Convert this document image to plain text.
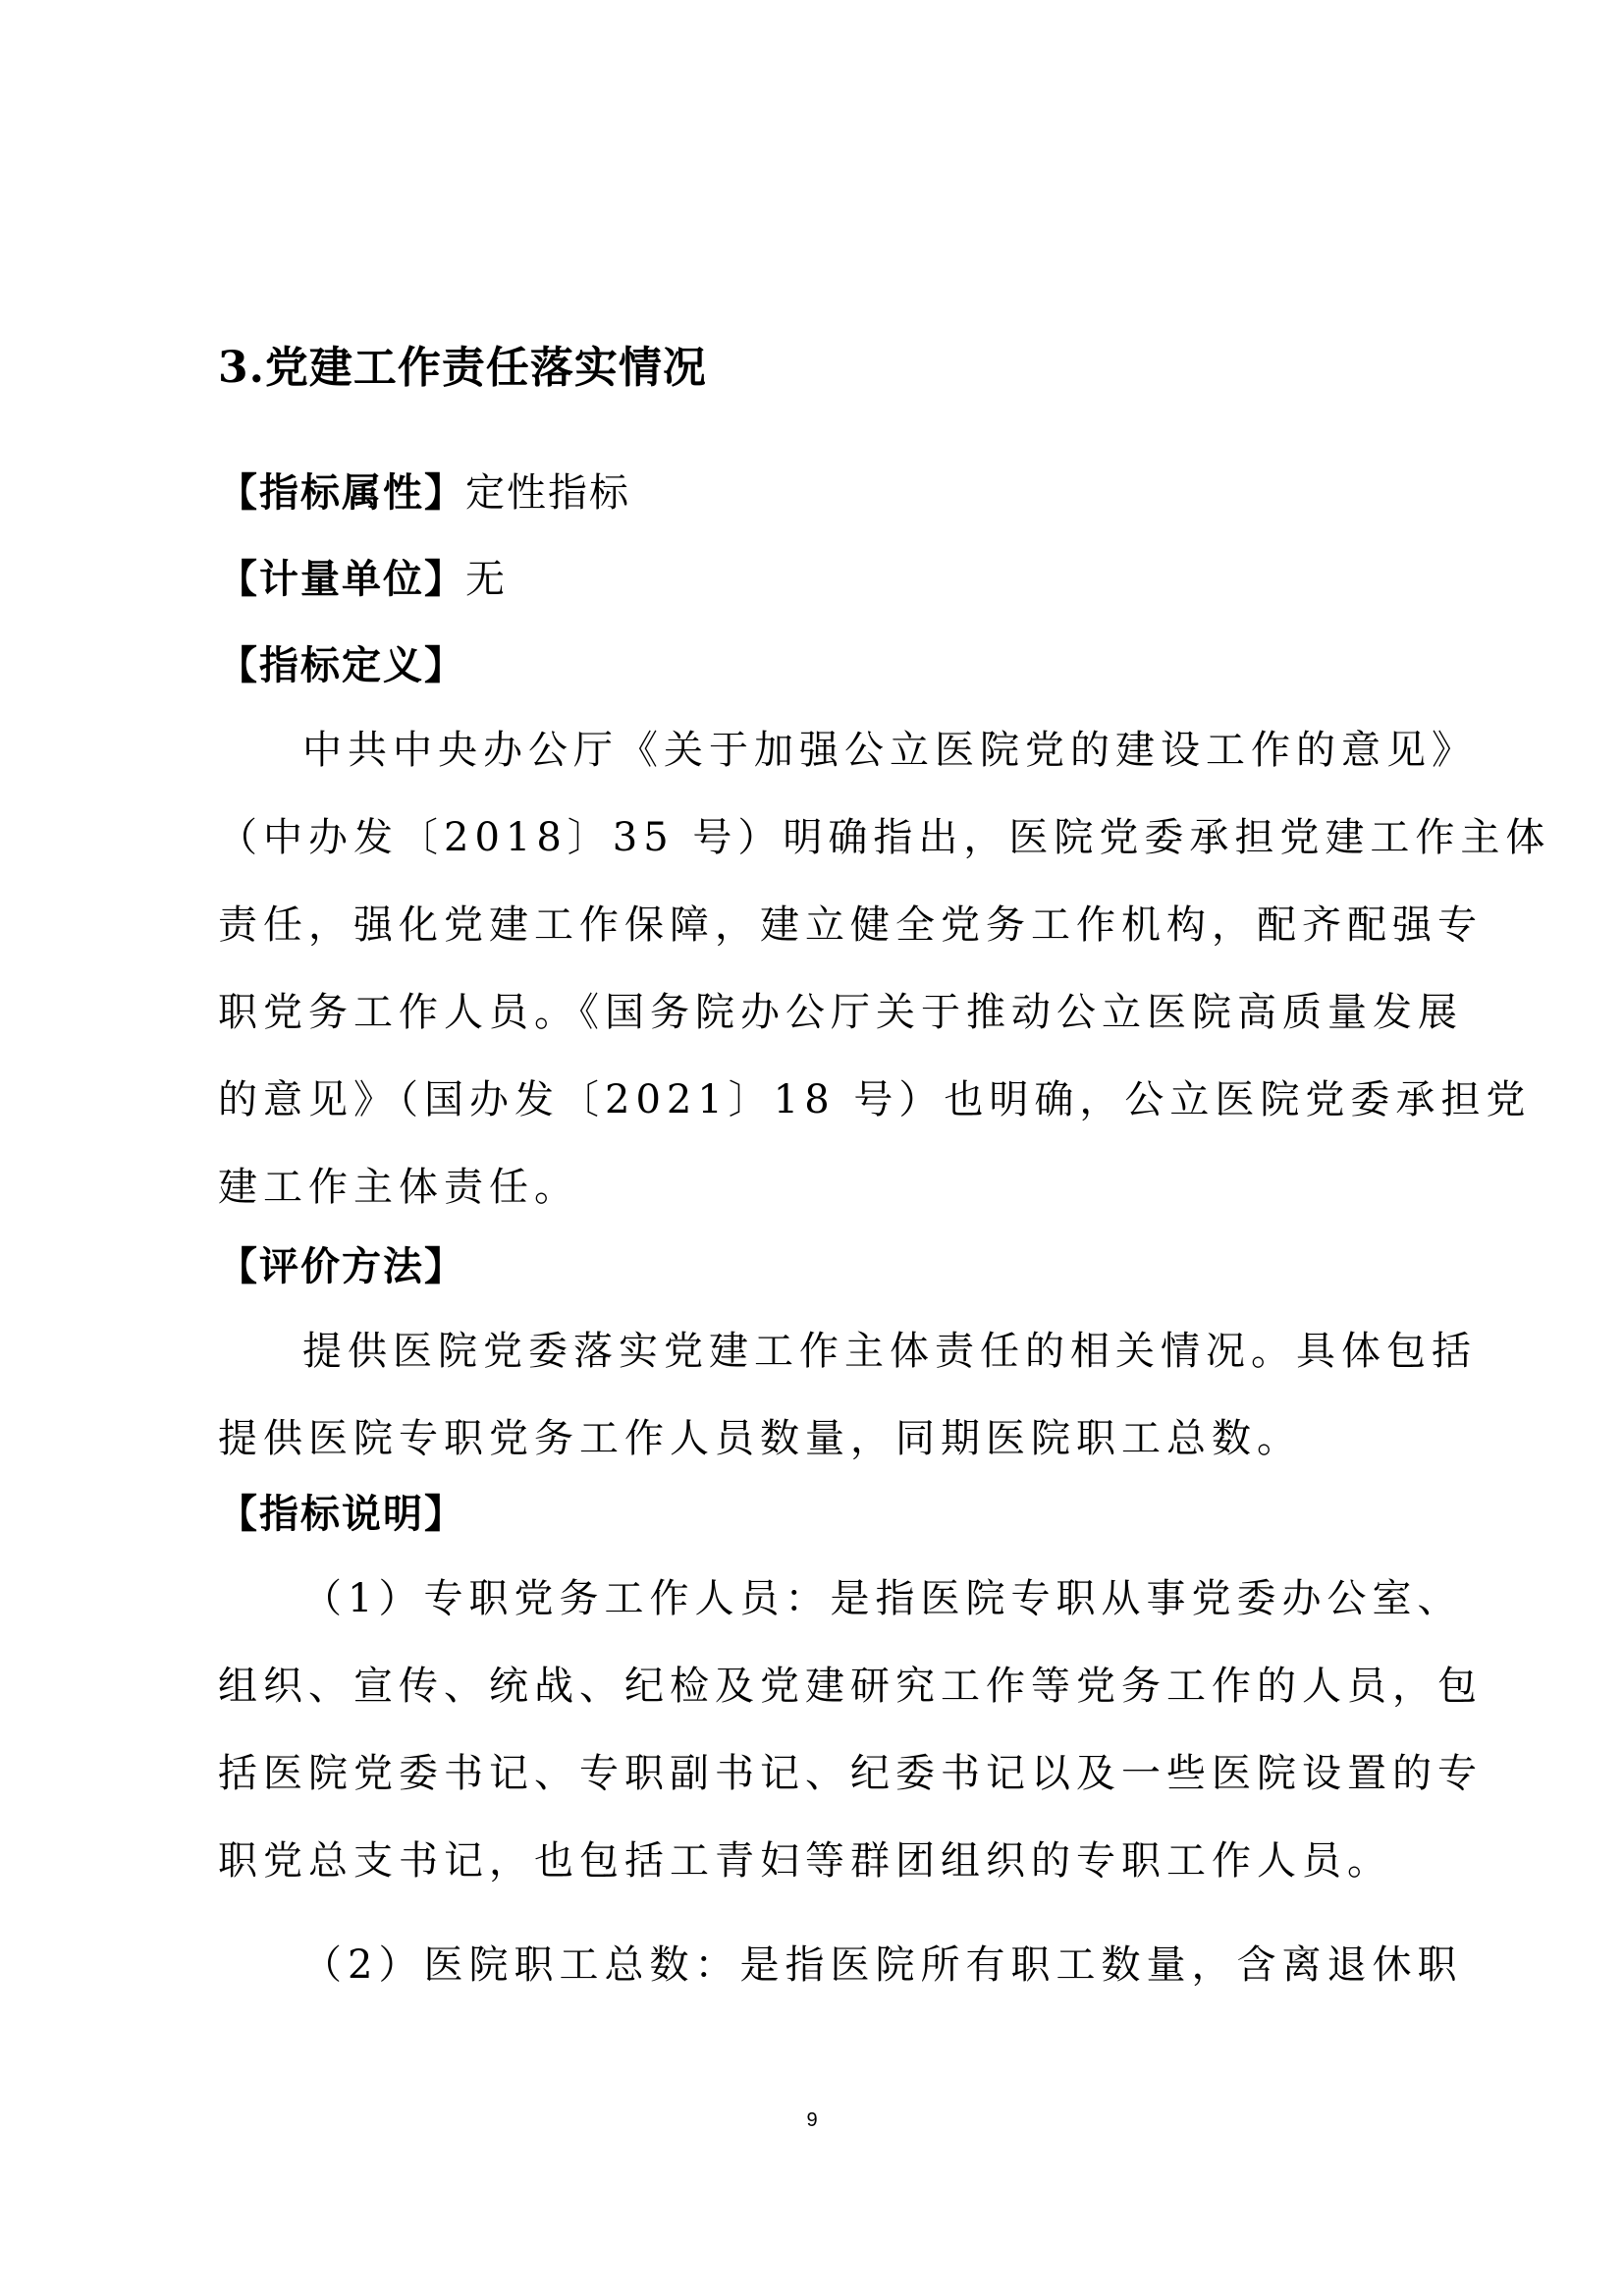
3.党建工作责任落实情况
【指标属性】定性指标
【计量单位】无
【指标定义】
中共中央办公厅《关于加强公立医院党的建设工作的意见》
（中办发〔2018〕35 号）明确指出，医院党委承担党建工作主体
责任，强化党建工作保障，建立健全党务工作机构，配齐配强专
职党务工作人员。《国务院办公厅关于推动公立医院高质量发展
的意见》（国办发〔2021〕18 号）也明确，公立医院党委承担党
建工作主体责任。
【评价方法】
提供医院党委落实党建工作主体责任的相关情况。具体包括
提供医院专职党务工作人员数量，同期医院职工总数。
【指标说明】
（1）专职党务工作人员：是指医院专职从事党委办公室、
组织、宣传、统战、纪检及党建研究工作等党务工作的人员，包
括医院党委书记、专职副书记、纪委书记以及一些医院设置的专
职党总支书记，也包括工青妇等群团组织的专职工作人员。
（2）医院职工总数：是指医院所有职工数量，含离退休职
9
